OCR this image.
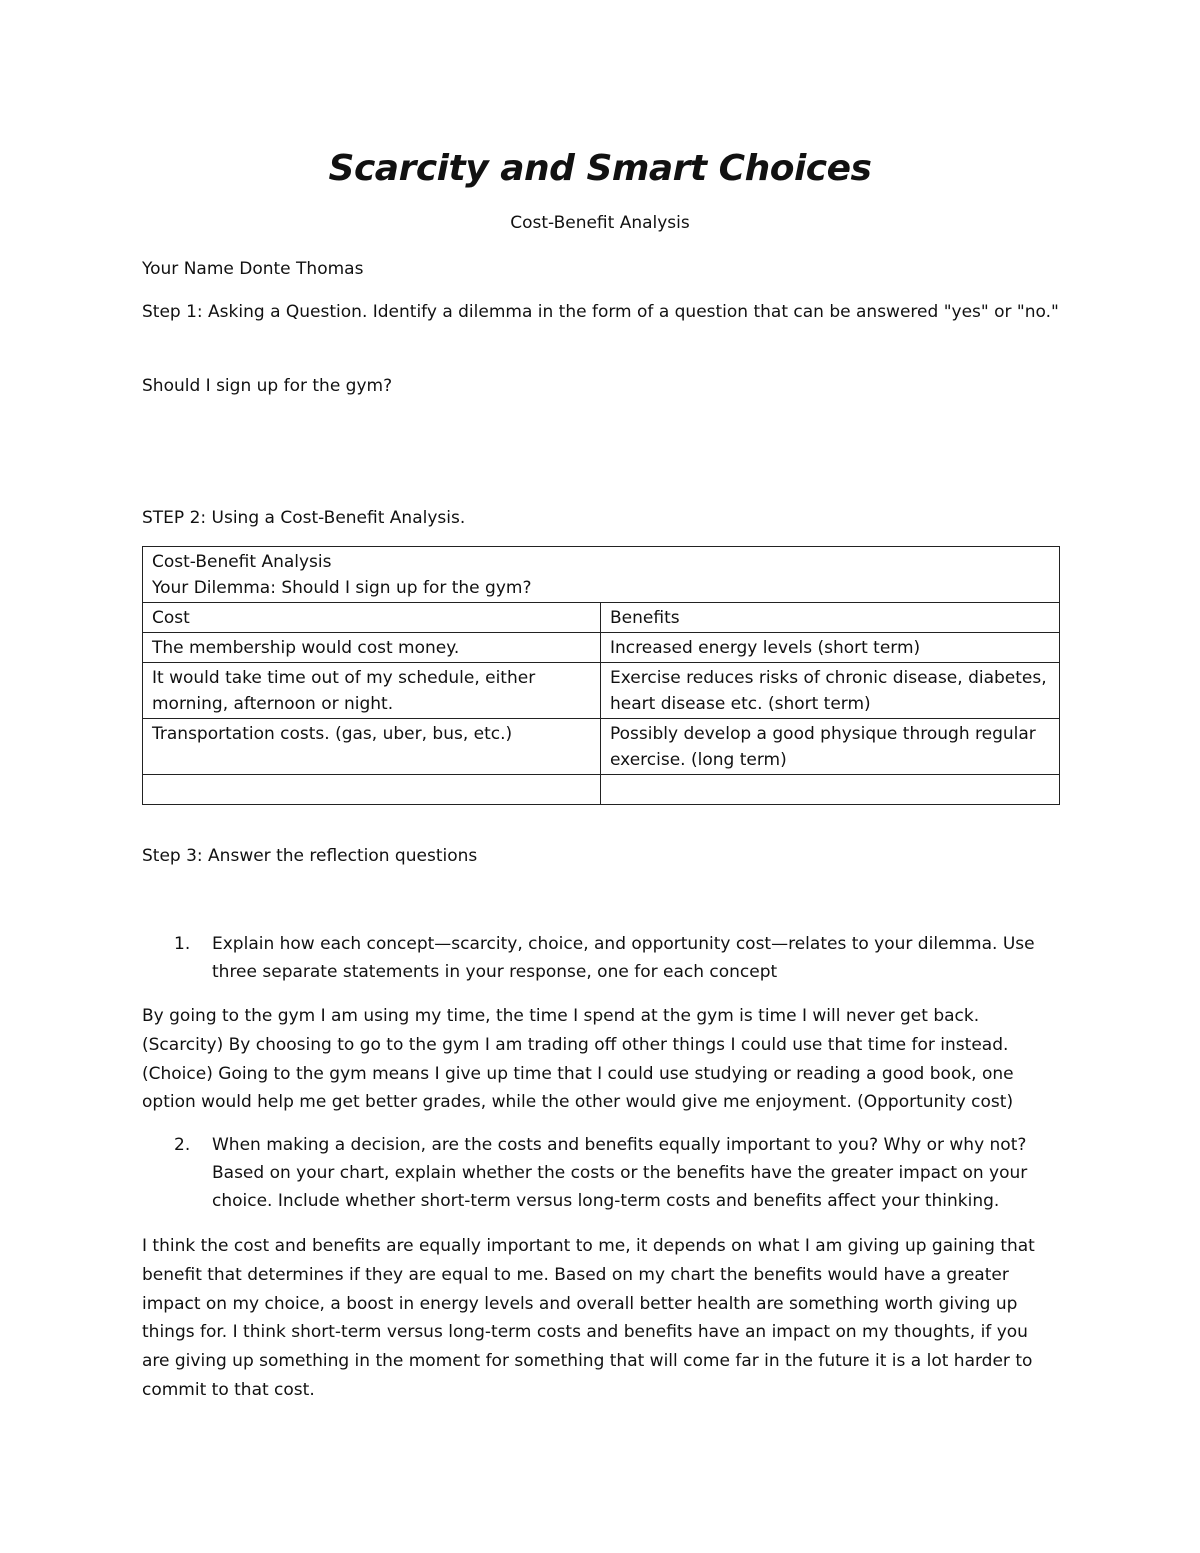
Scarcity and Smart Choices
Cost-Benefit Analysis
Your Name Donte Thomas
Step 1: Asking a Question. Identify a dilemma in the form of a question that can be answered "yes" or "no."
Should I sign up for the gym?
STEP 2: Using a Cost-Benefit Analysis.
Cost-Benefit Analysis
Your Dilemma: Should I sign up for the gym?	

Cost	Benefits
The membership would cost money.	Increased energy levels (short term)
It would take time out of my schedule, either morning, afternoon or night.	Exercise reduces risks of chronic disease, diabetes, heart disease etc. (short term)
Transportation costs. (gas, uber, bus, etc.)	Possibly develop a good physique through regular exercise. (long term)

Step 3: Answer the reflection questions
1. Explain how each concept—scarcity, choice, and opportunity cost—relates to your dilemma. Use three separate statements in your response, one for each concept
By going to the gym I am using my time, the time I spend at the gym is time I will never get back. (Scarcity) By choosing to go to the gym I am trading off other things I could use that time for instead. (Choice) Going to the gym means I give up time that I could use studying or reading a good book, one option would help me get better grades, while the other would give me enjoyment. (Opportunity cost)
2. When making a decision, are the costs and benefits equally important to you? Why or why not? Based on your chart, explain whether the costs or the benefits have the greater impact on your choice. Include whether short-term versus long-term costs and benefits affect your thinking.
I think the cost and benefits are equally important to me, it depends on what I am giving up gaining that benefit that determines if they are equal to me. Based on my chart the benefits would have a greater impact on my choice, a boost in energy levels and overall better health are something worth giving up things for. I think short-term versus long-term costs and benefits have an impact on my thoughts, if you are giving up something in the moment for something that will come far in the future it is a lot harder to commit to that cost.
